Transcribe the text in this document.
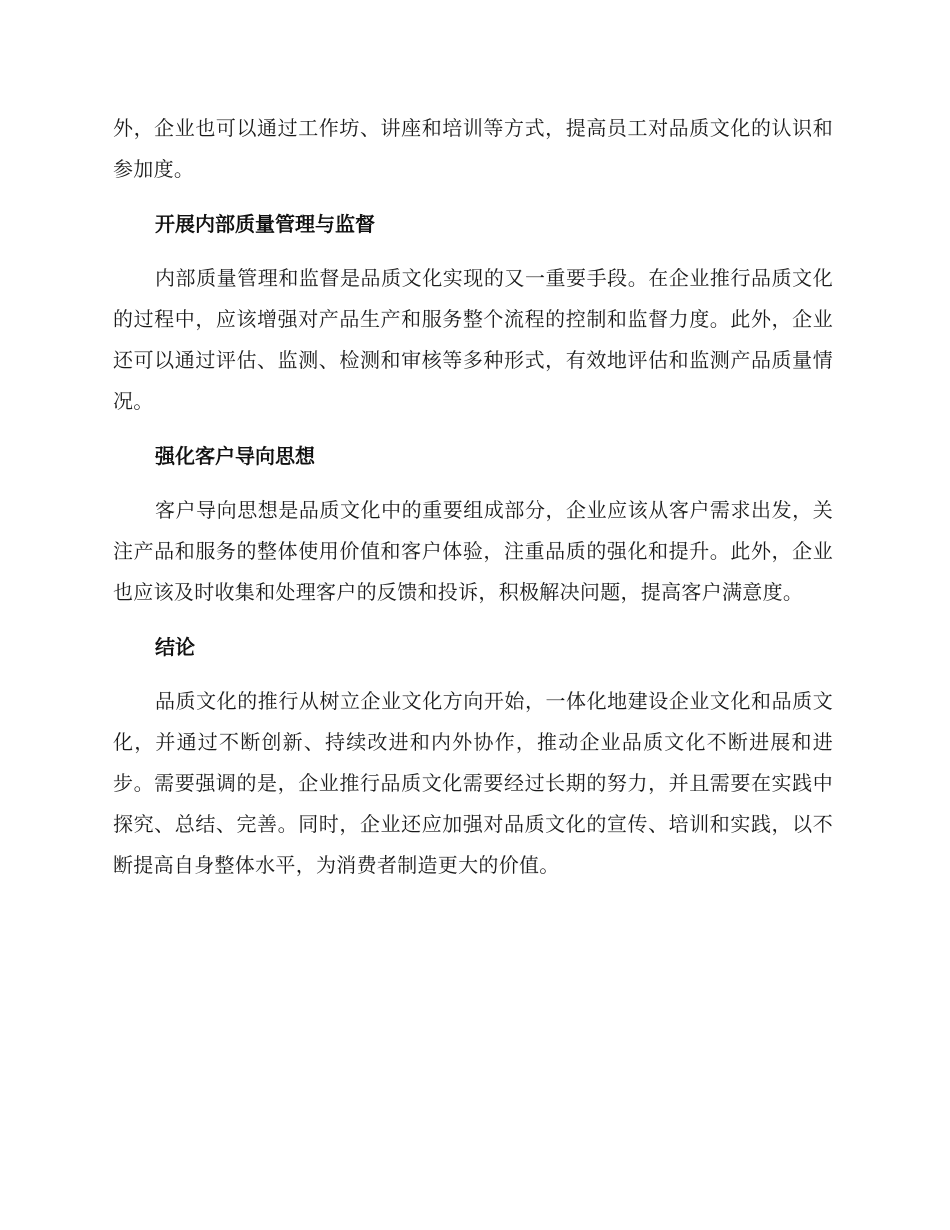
外，企业也可以通过工作坊、讲座和培训等方式，提高员工对品质文化的认识和参加度。

开展内部质量管理与监督

内部质量管理和监督是品质文化实现的又一重要手段。在企业推行品质文化的过程中，应该增强对产品生产和服务整个流程的控制和监督力度。此外，企业还可以通过评估、监测、检测和审核等多种形式，有效地评估和监测产品质量情况。

强化客户导向思想

客户导向思想是品质文化中的重要组成部分，企业应该从客户需求出发，关注产品和服务的整体使用价值和客户体验，注重品质的强化和提升。此外，企业也应该及时收集和处理客户的反馈和投诉，积极解决问题，提高客户满意度。

结论

品质文化的推行从树立企业文化方向开始，一体化地建设企业文化和品质文化，并通过不断创新、持续改进和内外协作，推动企业品质文化不断进展和进步。需要强调的是，企业推行品质文化需要经过长期的努力，并且需要在实践中探究、总结、完善。同时，企业还应加强对品质文化的宣传、培训和实践，以不断提高自身整体水平，为消费者制造更大的价值。
